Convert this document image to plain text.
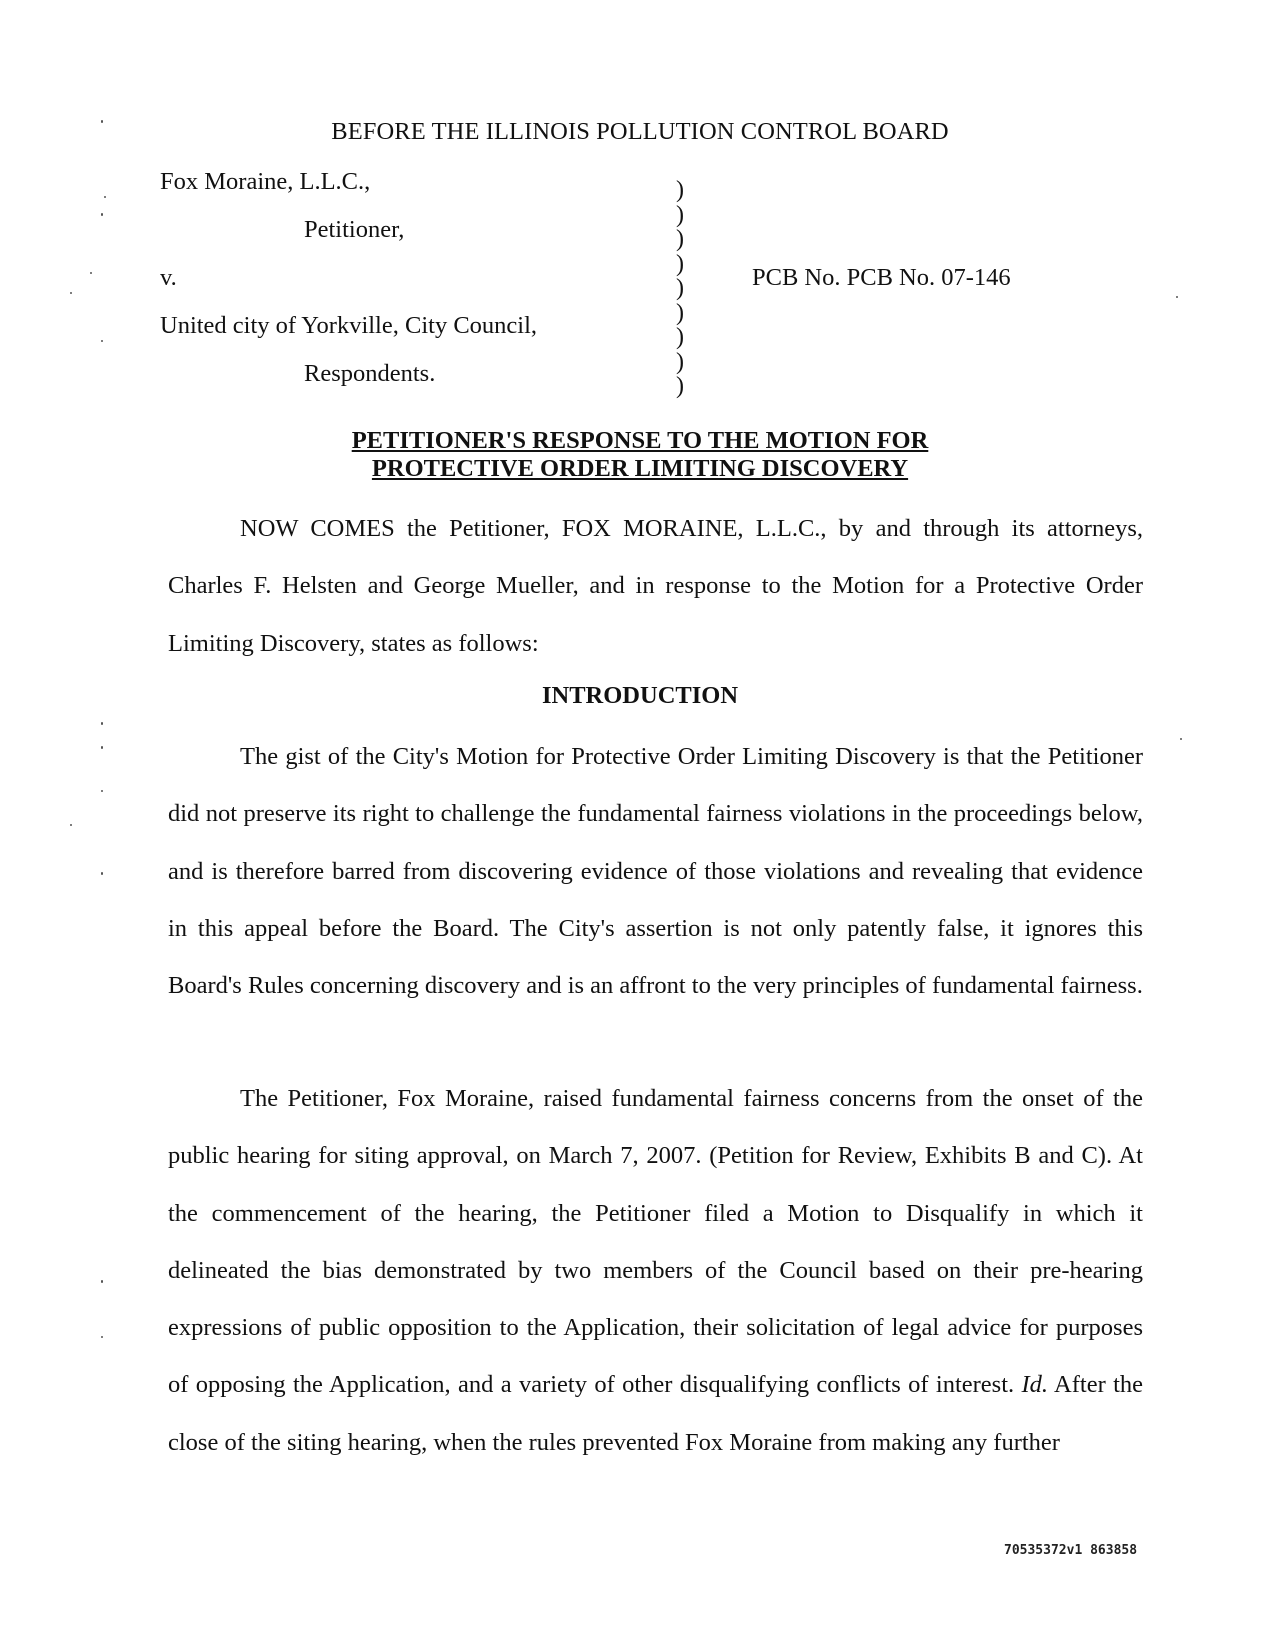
BEFORE THE ILLINOIS POLLUTION CONTROL BOARD
Fox Moraine, L.L.C.,
Petitioner,
v.
United city of Yorkville, City Council,
Respondents.
)
)
)
)
)
)
)
)
)
PCB No. PCB No. 07-146
PETITIONER'S RESPONSE TO THE MOTION FOR
PROTECTIVE ORDER LIMITING DISCOVERY

NOW COMES the Petitioner, FOX MORAINE, L.L.C., by and through its attorneys, Charles F. Helsten and George Mueller, and in response to the Motion for a Protective Order Limiting Discovery, states as follows:

INTRODUCTION

The gist of the City's Motion for Protective Order Limiting Discovery is that the Petitioner did not preserve its right to challenge the fundamental fairness violations in the proceedings below, and is therefore barred from discovering evidence of those violations and revealing that evidence in this appeal before the Board. The City's assertion is not only patently false, it ignores this Board's Rules concerning discovery and is an affront to the very principles of fundamental fairness.

The Petitioner, Fox Moraine, raised fundamental fairness concerns from the onset of the public hearing for siting approval, on March 7, 2007. (Petition for Review, Exhibits B and C). At the commencement of the hearing, the Petitioner filed a Motion to Disqualify in which it delineated the bias demonstrated by two members of the Council based on their pre-hearing expressions of public opposition to the Application, their solicitation of legal advice for purposes of opposing the Application, and a variety of other disqualifying conflicts of interest. Id. After the close of the siting hearing, when the rules prevented Fox Moraine from making any further

70535372v1 863858
